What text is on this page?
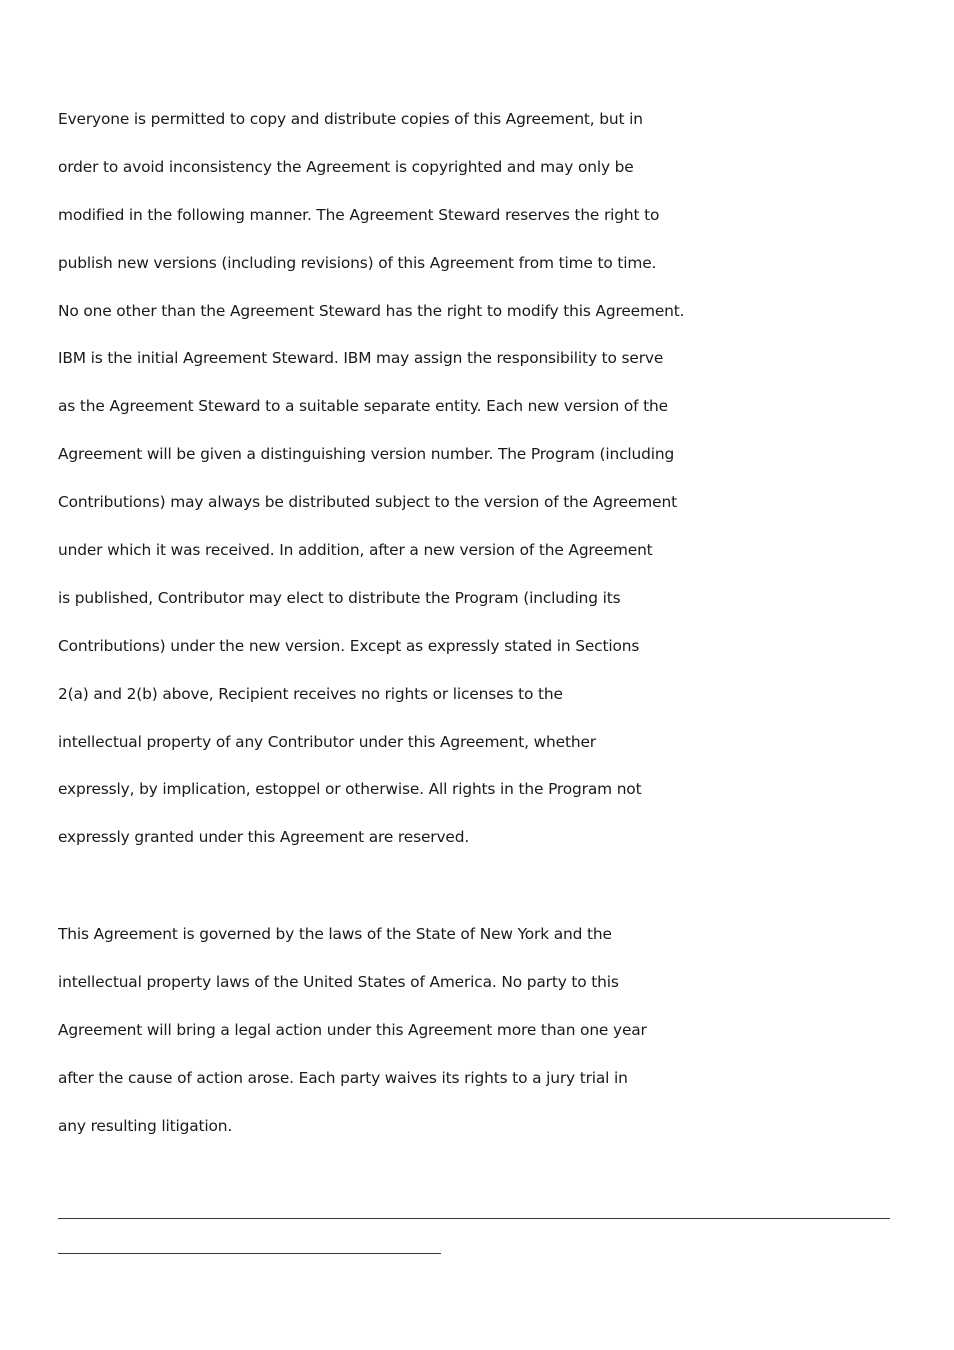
Everyone is permitted to copy and distribute copies of this Agreement, but in
order to avoid inconsistency the Agreement is copyrighted and may only be
modified in the following manner. The Agreement Steward reserves the right to
publish new versions (including revisions) of this Agreement from time to time.
No one other than the Agreement Steward has the right to modify this Agreement.
IBM is the initial Agreement Steward. IBM may assign the responsibility to serve
as the Agreement Steward to a suitable separate entity. Each new version of the
Agreement will be given a distinguishing version number. The Program (including
Contributions) may always be distributed subject to the version of the Agreement
under which it was received. In addition, after a new version of the Agreement
is published, Contributor may elect to distribute the Program (including its
Contributions) under the new version. Except as expressly stated in Sections
2(a) and 2(b) above, Recipient receives no rights or licenses to the
intellectual property of any Contributor under this Agreement, whether
expressly, by implication, estoppel or otherwise. All rights in the Program not
expressly granted under this Agreement are reserved.
This Agreement is governed by the laws of the State of New York and the
intellectual property laws of the United States of America. No party to this
Agreement will bring a legal action under this Agreement more than one year
after the cause of action arose. Each party waives its rights to a jury trial in
any resulting litigation.
